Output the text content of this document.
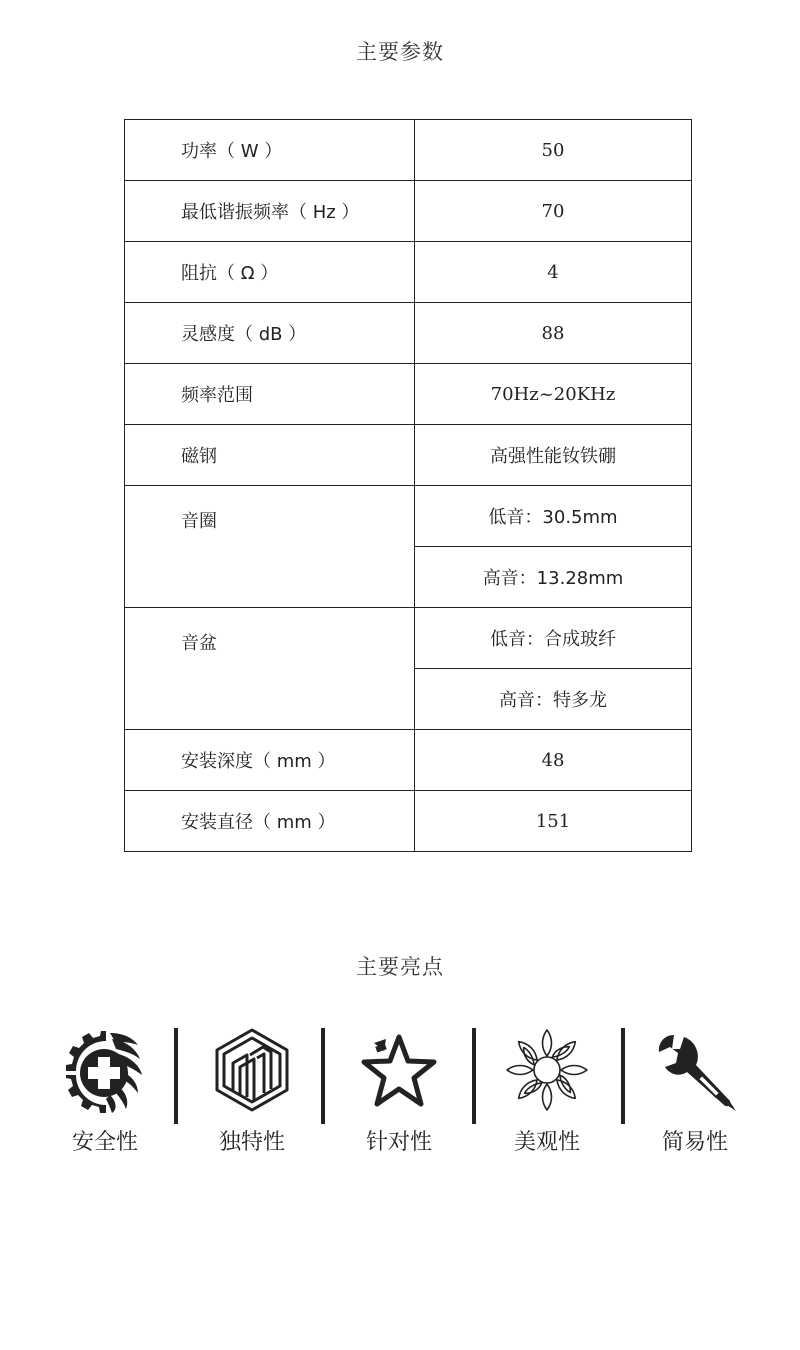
主要参数
功率（ W ）	50
最低谐振频率（ Hz ）	70
阻抗（ Ω ）	4
灵感度（ dB ）	88
频率范围	70Hz~20KHz
磁钢	高强性能钕铁硼
音圈	低音：30.5mm
	高音：13.28mm
音盆	低音：合成玻纤
	高音：特多龙
安装深度（ mm ）	48
安装直径（ mm ）	151
主要亮点
安全性	独特性	针对性	美观性	简易性
